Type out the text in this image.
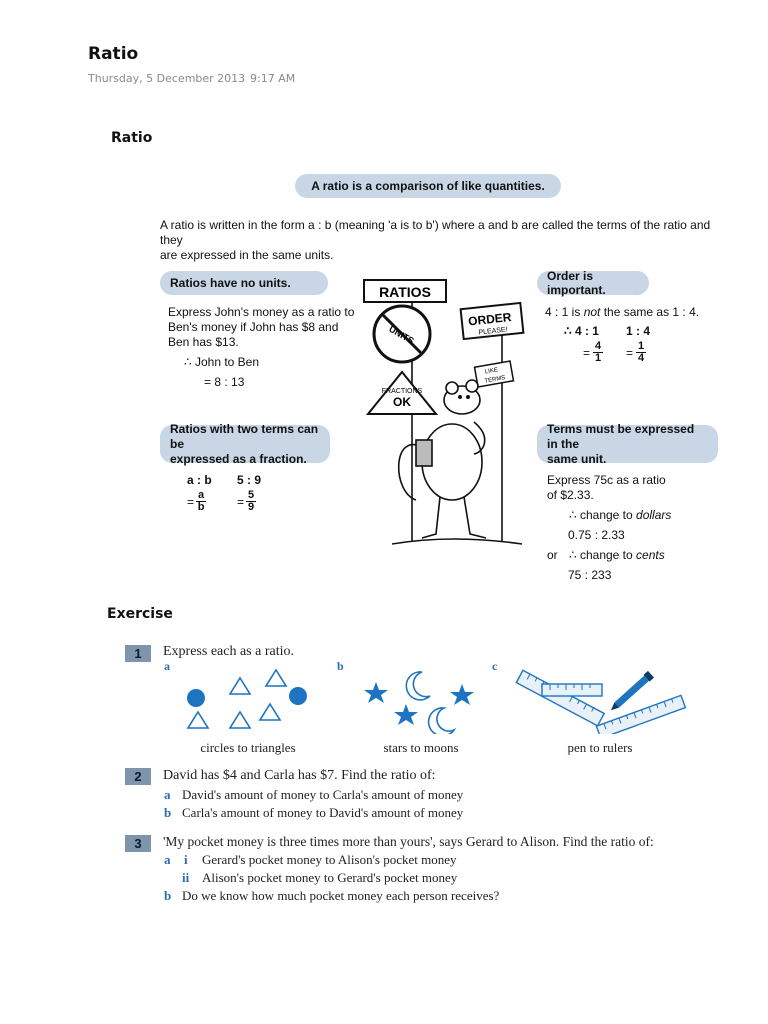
Ratio
Thursday, 5 December 2013 9:17 AM
Ratio
A ratio is a comparison of like quantities.
A ratio is written in the form a : b (meaning 'a is to b') where a and b are called the terms of the ratio and they
are expressed in the same units.
Ratios have no units.
Express John's money as a ratio to
Ben's money if John has $8 and
Ben has $13.
∴ John to Ben
= 8 : 13
Ratios with two terms can be
expressed as a fraction.
a : b 5 : 9
= $\frac{a}{b}$	= $\frac{5}{9}$
Order is important.
4 : 1 is not the same as 1 : 4.
∴ 4 : 1 1 : 4
= $\frac{4}{1} = \frac{1}{4}$
Terms must be expressed in the
same unit.
Express 75c as a ratio
of $2.33.
∴ change to dollars
0.75 : 2.33
or ∴ change to cents
75 : 233
RATIOS
UNITS
ORDER
PLEASE!
FRACTIONS
OK
LIKE
TERMS
Exercise
1	Express each as a ratio.
a	b	c
circles to triangles	stars to moons	pen to rulers
2	David has $4 and Carla has $7. Find the ratio of:
a David's amount of money to Carla's amount of money
b Carla's amount of money to David's amount of money
3	'My pocket money is three times more than yours', says Gerard to Alison. Find the ratio of:
a i Gerard's pocket money to Alison's pocket money
ii Alison's pocket money to Gerard's pocket money
b Do we know how much pocket money each person receives?
